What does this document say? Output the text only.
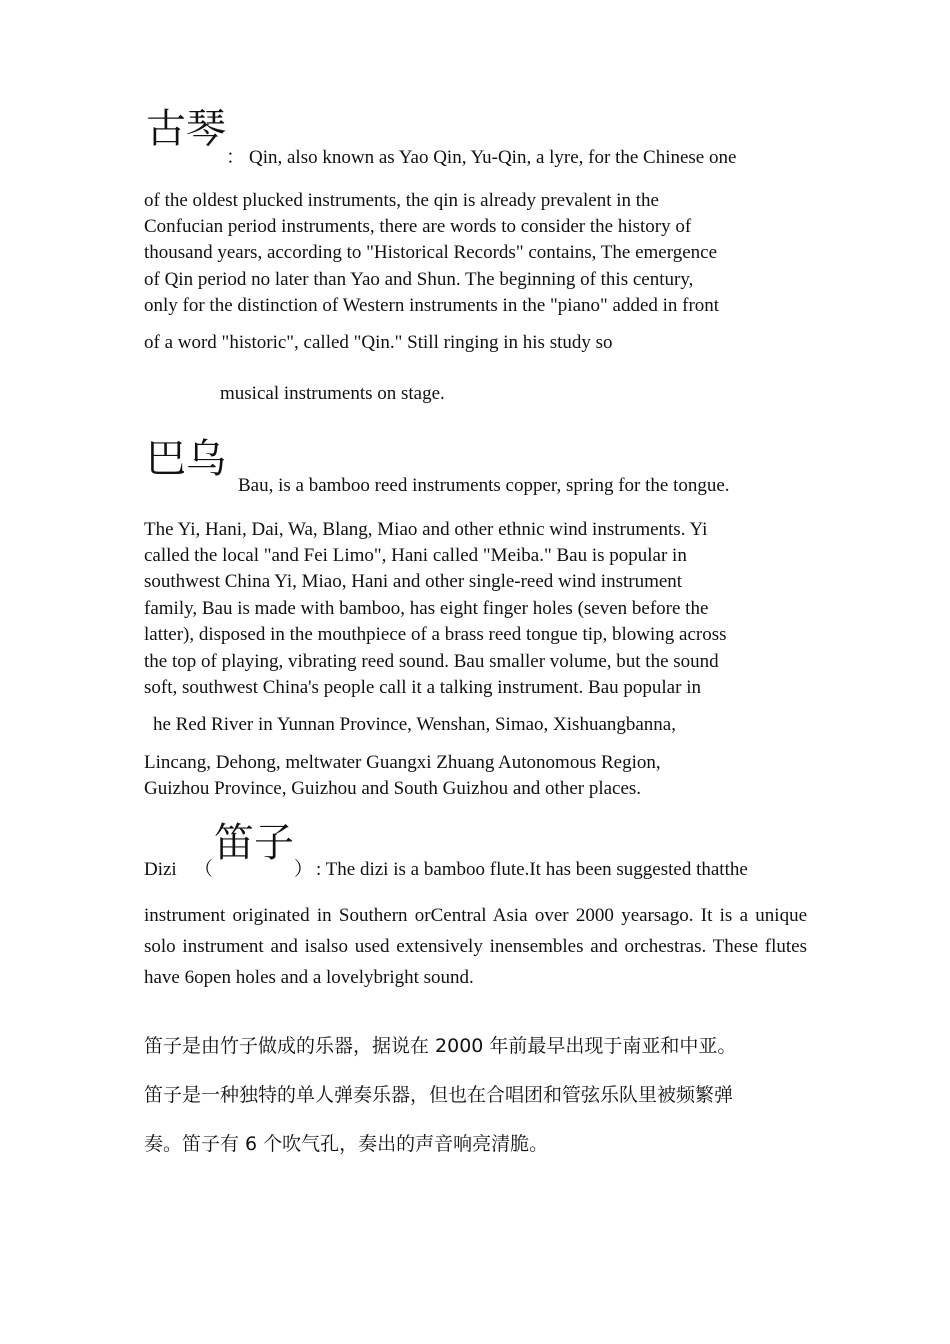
古琴
： Qin, also known as Yao Qin, Yu-Qin, a lyre, for the Chinese one
of the oldest plucked instruments, the qin is already prevalent in the
Confucian period instruments, there are words to consider the history of
thousand years, according to "Historical Records" contains, The emergence
of Qin period no later than Yao and Shun. The beginning of this century,
only for the distinction of Western instruments in the "piano" added in front
of a word "historic", called "Qin." Still ringing in his study so
musical instruments on stage.
巴乌
Bau, is a bamboo reed instruments copper, spring for the tongue.
The Yi, Hani, Dai, Wa, Blang, Miao and other ethnic wind instruments. Yi
called the local "and Fei Limo", Hani called "Meiba." Bau is popular in
southwest China Yi, Miao, Hani and other single-reed wind instrument
family, Bau is made with bamboo, has eight finger holes (seven before the
latter), disposed in the mouthpiece of a brass reed tongue tip, blowing across
the top of playing, vibrating reed sound. Bau smaller volume, but the sound
soft, southwest China's people call it a talking instrument. Bau popular in
he Red River in Yunnan Province, Wenshan, Simao, Xishuangbanna,
Lincang, Dehong, meltwater Guangxi Zhuang Autonomous Region,
Guizhou Province, Guizhou and South Guizhou and other places.
Dizi （
笛子
） : The dizi is a bamboo flute.It has been suggested thatthe
instrument originated in Southern orCentral Asia over 2000 yearsago. It is a unique solo instrument and isalso used extensively inensembles and orchestras. These flutes have 6open holes and a lovelybright sound.
笛子是由竹子做成的乐器，据说在 2000 年前最早出现于南亚和中亚。
笛子是一种独特的单人弹奏乐器，但也在合唱团和管弦乐队里被频繁弹
奏。笛子有 6 个吹气孔，奏出的声音响亮清脆。
